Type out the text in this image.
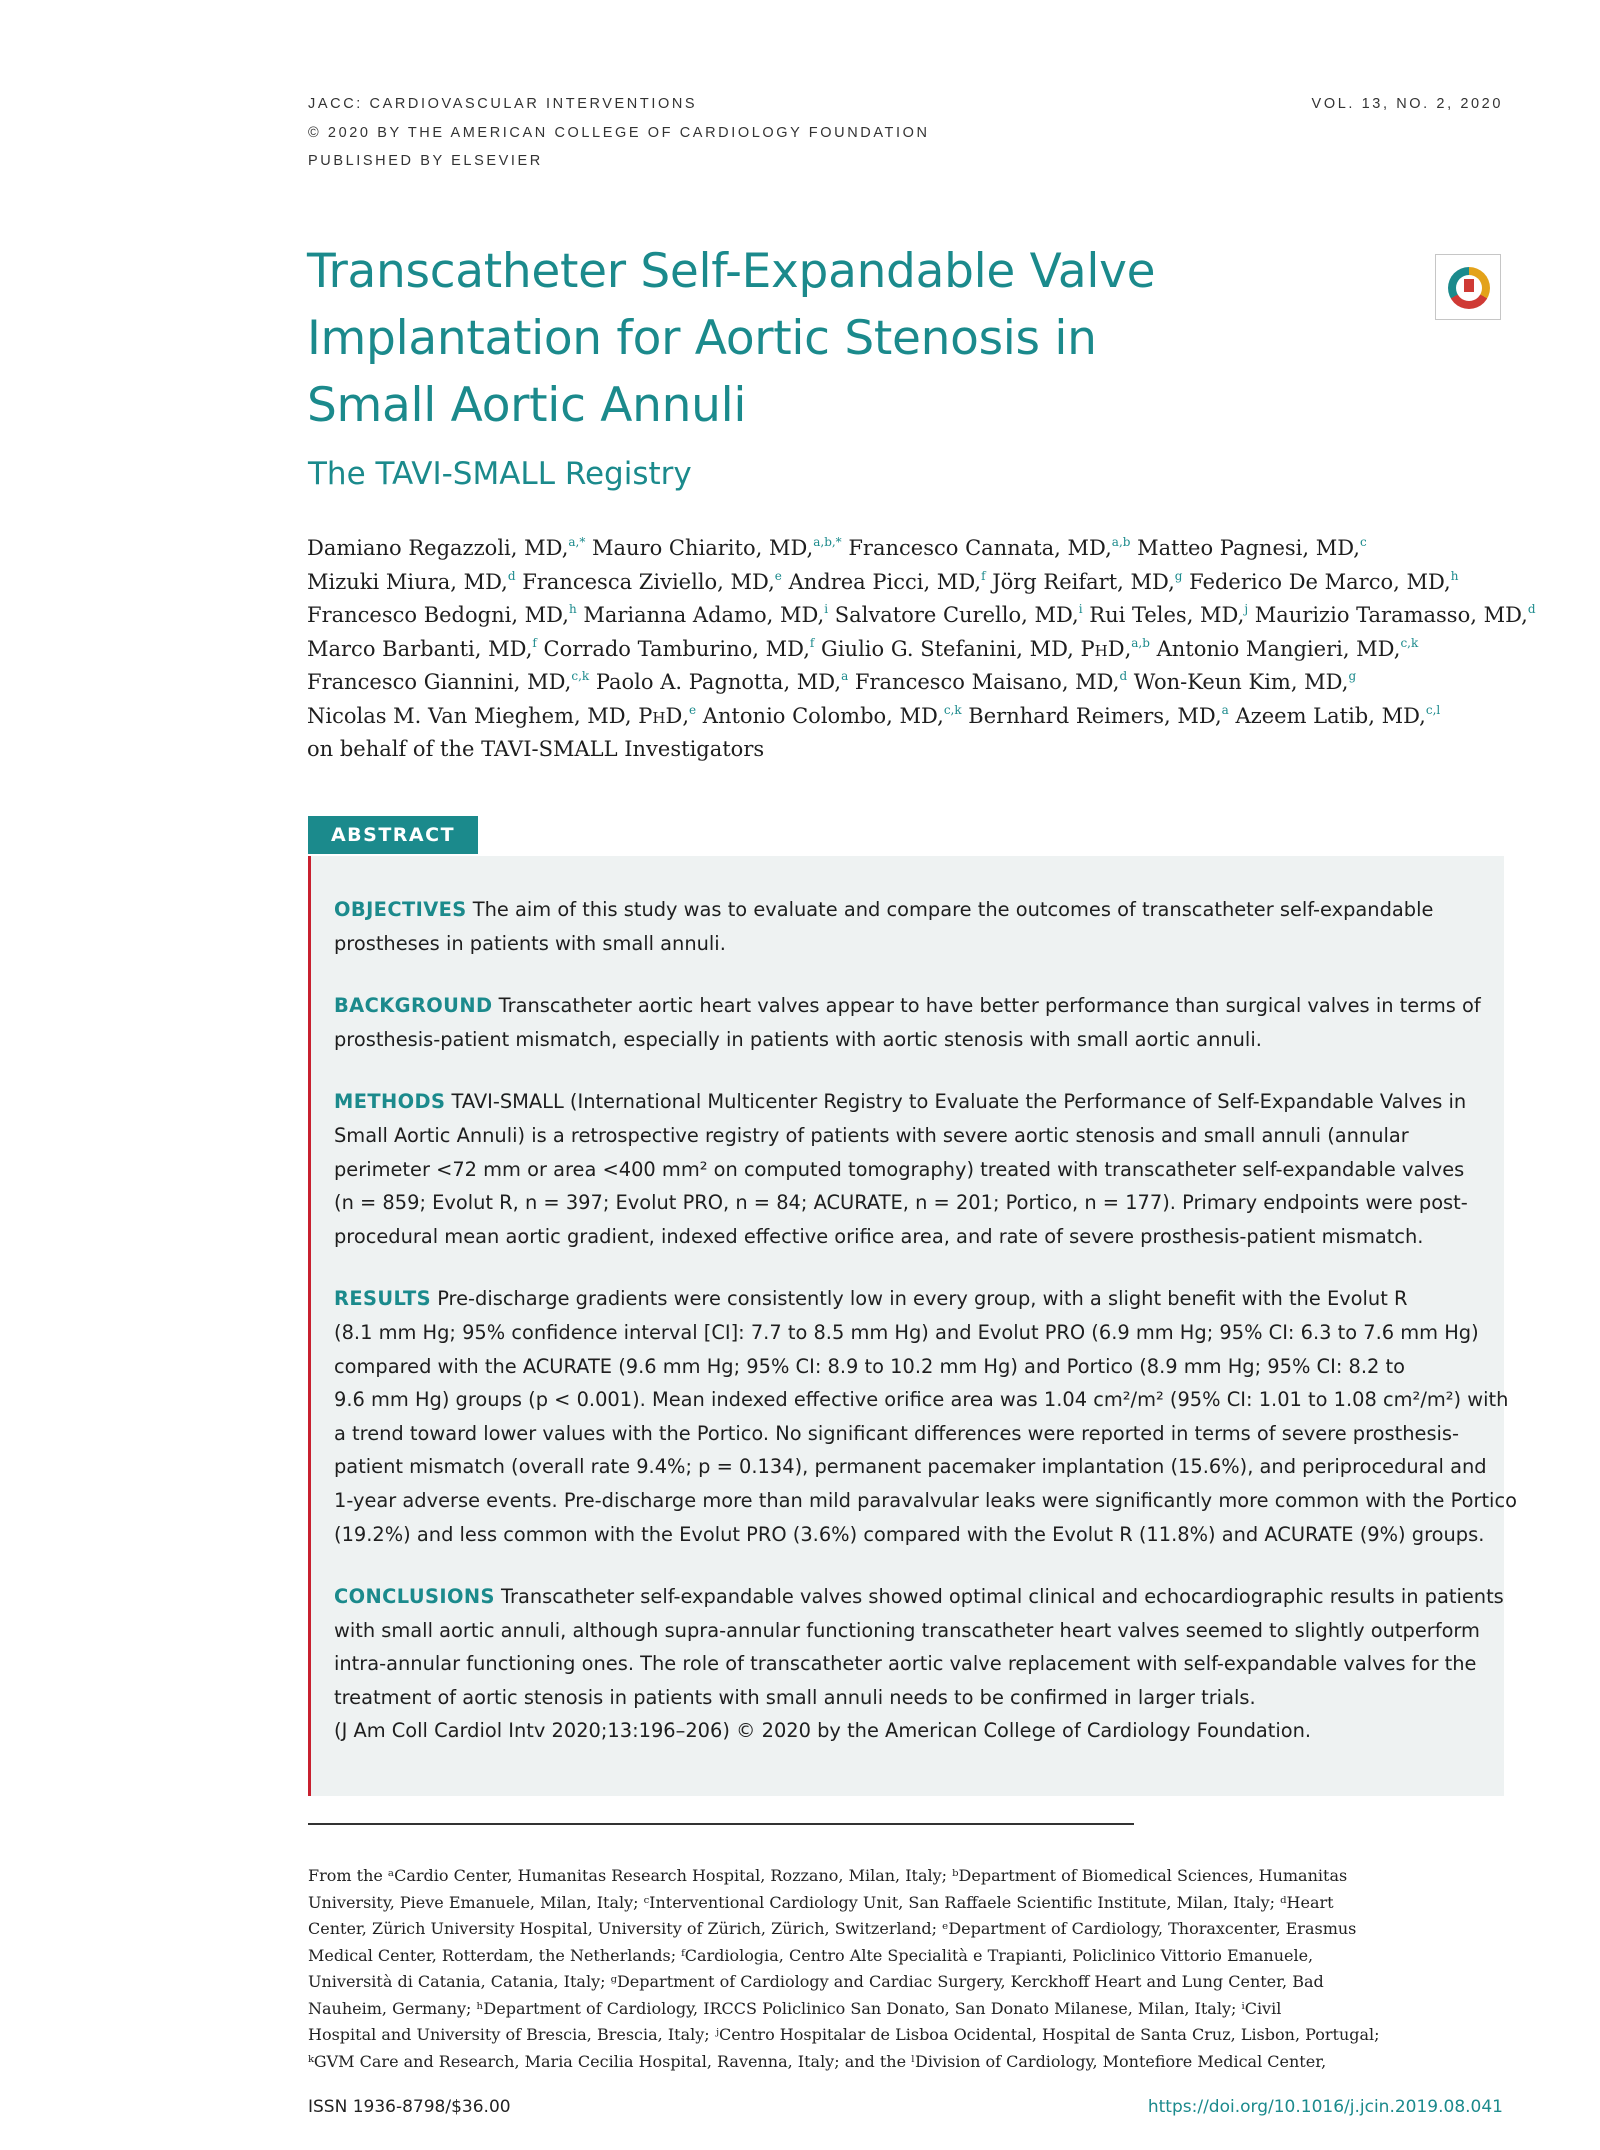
JACC: CARDIOVASCULAR INTERVENTIONS
© 2020 BY THE AMERICAN COLLEGE OF CARDIOLOGY FOUNDATION
PUBLISHED BY ELSEVIER
VOL. 13, NO. 2, 2020
Transcatheter Self-Expandable Valve
Implantation for Aortic Stenosis in
Small Aortic Annuli
The TAVI-SMALL Registry
Damiano Regazzoli, MD,$^{a,*}$ Mauro Chiarito, MD,$^{a,b,*}$ Francesco Cannata, MD,$^{a,b}$ Matteo Pagnesi, MD,$^c$
Mizuki Miura, MD,$^d$ Francesca Ziviello, MD,$^e$ Andrea Picci, MD,$^f$ Jörg Reifart, MD,$^g$ Federico De Marco, MD,$^h$
Francesco Bedogni, MD,$^h$ Marianna Adamo, MD,$^i$ Salvatore Curello, MD,$^i$ Rui Teles, MD,$^j$ Maurizio Taramasso, MD,$^d$
Marco Barbanti, MD,$^f$ Corrado Tamburino, MD,$^f$ Giulio G. Stefanini, MD, PhD,$^{a,b}$ Antonio Mangieri, MD,$^{c,k}$
Francesco Giannini, MD,$^{c,k}$ Paolo A. Pagnotta, MD,$^a$ Francesco Maisano, MD,$^d$ Won-Keun Kim, MD,$^g$
Nicolas M. Van Mieghem, MD, PhD,$^e$ Antonio Colombo, MD,$^{c,k}$ Bernhard Reimers, MD,$^a$ Azeem Latib, MD,$^{c,l}$
on behalf of the TAVI-SMALL Investigators
ABSTRACT
OBJECTIVES The aim of this study was to evaluate and compare the outcomes of transcatheter self-expandable
prostheses in patients with small annuli.
BACKGROUND Transcatheter aortic heart valves appear to have better performance than surgical valves in terms of
prosthesis-patient mismatch, especially in patients with aortic stenosis with small aortic annuli.
METHODS TAVI-SMALL (International Multicenter Registry to Evaluate the Performance of Self-Expandable Valves in
Small Aortic Annuli) is a retrospective registry of patients with severe aortic stenosis and small annuli (annular
perimeter <72 mm or area <400 mm² on computed tomography) treated with transcatheter self-expandable valves
(n = 859; Evolut R, n = 397; Evolut PRO, n = 84; ACURATE, n = 201; Portico, n = 177). Primary endpoints were post-
procedural mean aortic gradient, indexed effective orifice area, and rate of severe prosthesis-patient mismatch.
RESULTS Pre-discharge gradients were consistently low in every group, with a slight benefit with the Evolut R
(8.1 mm Hg; 95% confidence interval [CI]: 7.7 to 8.5 mm Hg) and Evolut PRO (6.9 mm Hg; 95% CI: 6.3 to 7.6 mm Hg)
compared with the ACURATE (9.6 mm Hg; 95% CI: 8.9 to 10.2 mm Hg) and Portico (8.9 mm Hg; 95% CI: 8.2 to
9.6 mm Hg) groups (p < 0.001). Mean indexed effective orifice area was 1.04 cm²/m² (95% CI: 1.01 to 1.08 cm²/m²) with
a trend toward lower values with the Portico. No significant differences were reported in terms of severe prosthesis-
patient mismatch (overall rate 9.4%; p = 0.134), permanent pacemaker implantation (15.6%), and periprocedural and
1-year adverse events. Pre-discharge more than mild paravalvular leaks were significantly more common with the Portico
(19.2%) and less common with the Evolut PRO (3.6%) compared with the Evolut R (11.8%) and ACURATE (9%) groups.
CONCLUSIONS Transcatheter self-expandable valves showed optimal clinical and echocardiographic results in patients
with small aortic annuli, although supra-annular functioning transcatheter heart valves seemed to slightly outperform
intra-annular functioning ones. The role of transcatheter aortic valve replacement with self-expandable valves for the
treatment of aortic stenosis in patients with small annuli needs to be confirmed in larger trials.
(J Am Coll Cardiol Intv 2020;13:196–206) © 2020 by the American College of Cardiology Foundation.
From the ᵃCardio Center, Humanitas Research Hospital, Rozzano, Milan, Italy; ᵇDepartment of Biomedical Sciences, Humanitas
University, Pieve Emanuele, Milan, Italy; ᶜInterventional Cardiology Unit, San Raffaele Scientific Institute, Milan, Italy; ᵈHeart
Center, Zürich University Hospital, University of Zürich, Zürich, Switzerland; ᵉDepartment of Cardiology, Thoraxcenter, Erasmus
Medical Center, Rotterdam, the Netherlands; ᶠCardiologia, Centro Alte Specialità e Trapianti, Policlinico Vittorio Emanuele,
Università di Catania, Catania, Italy; ᵍDepartment of Cardiology and Cardiac Surgery, Kerckhoff Heart and Lung Center, Bad
Nauheim, Germany; ʰDepartment of Cardiology, IRCCS Policlinico San Donato, San Donato Milanese, Milan, Italy; ⁱCivil
Hospital and University of Brescia, Brescia, Italy; ʲCentro Hospitalar de Lisboa Ocidental, Hospital de Santa Cruz, Lisbon, Portugal;
ᵏGVM Care and Research, Maria Cecilia Hospital, Ravenna, Italy; and the ˡDivision of Cardiology, Montefiore Medical Center,
ISSN 1936-8798/$36.00	https://doi.org/10.1016/j.jcin.2019.08.041
